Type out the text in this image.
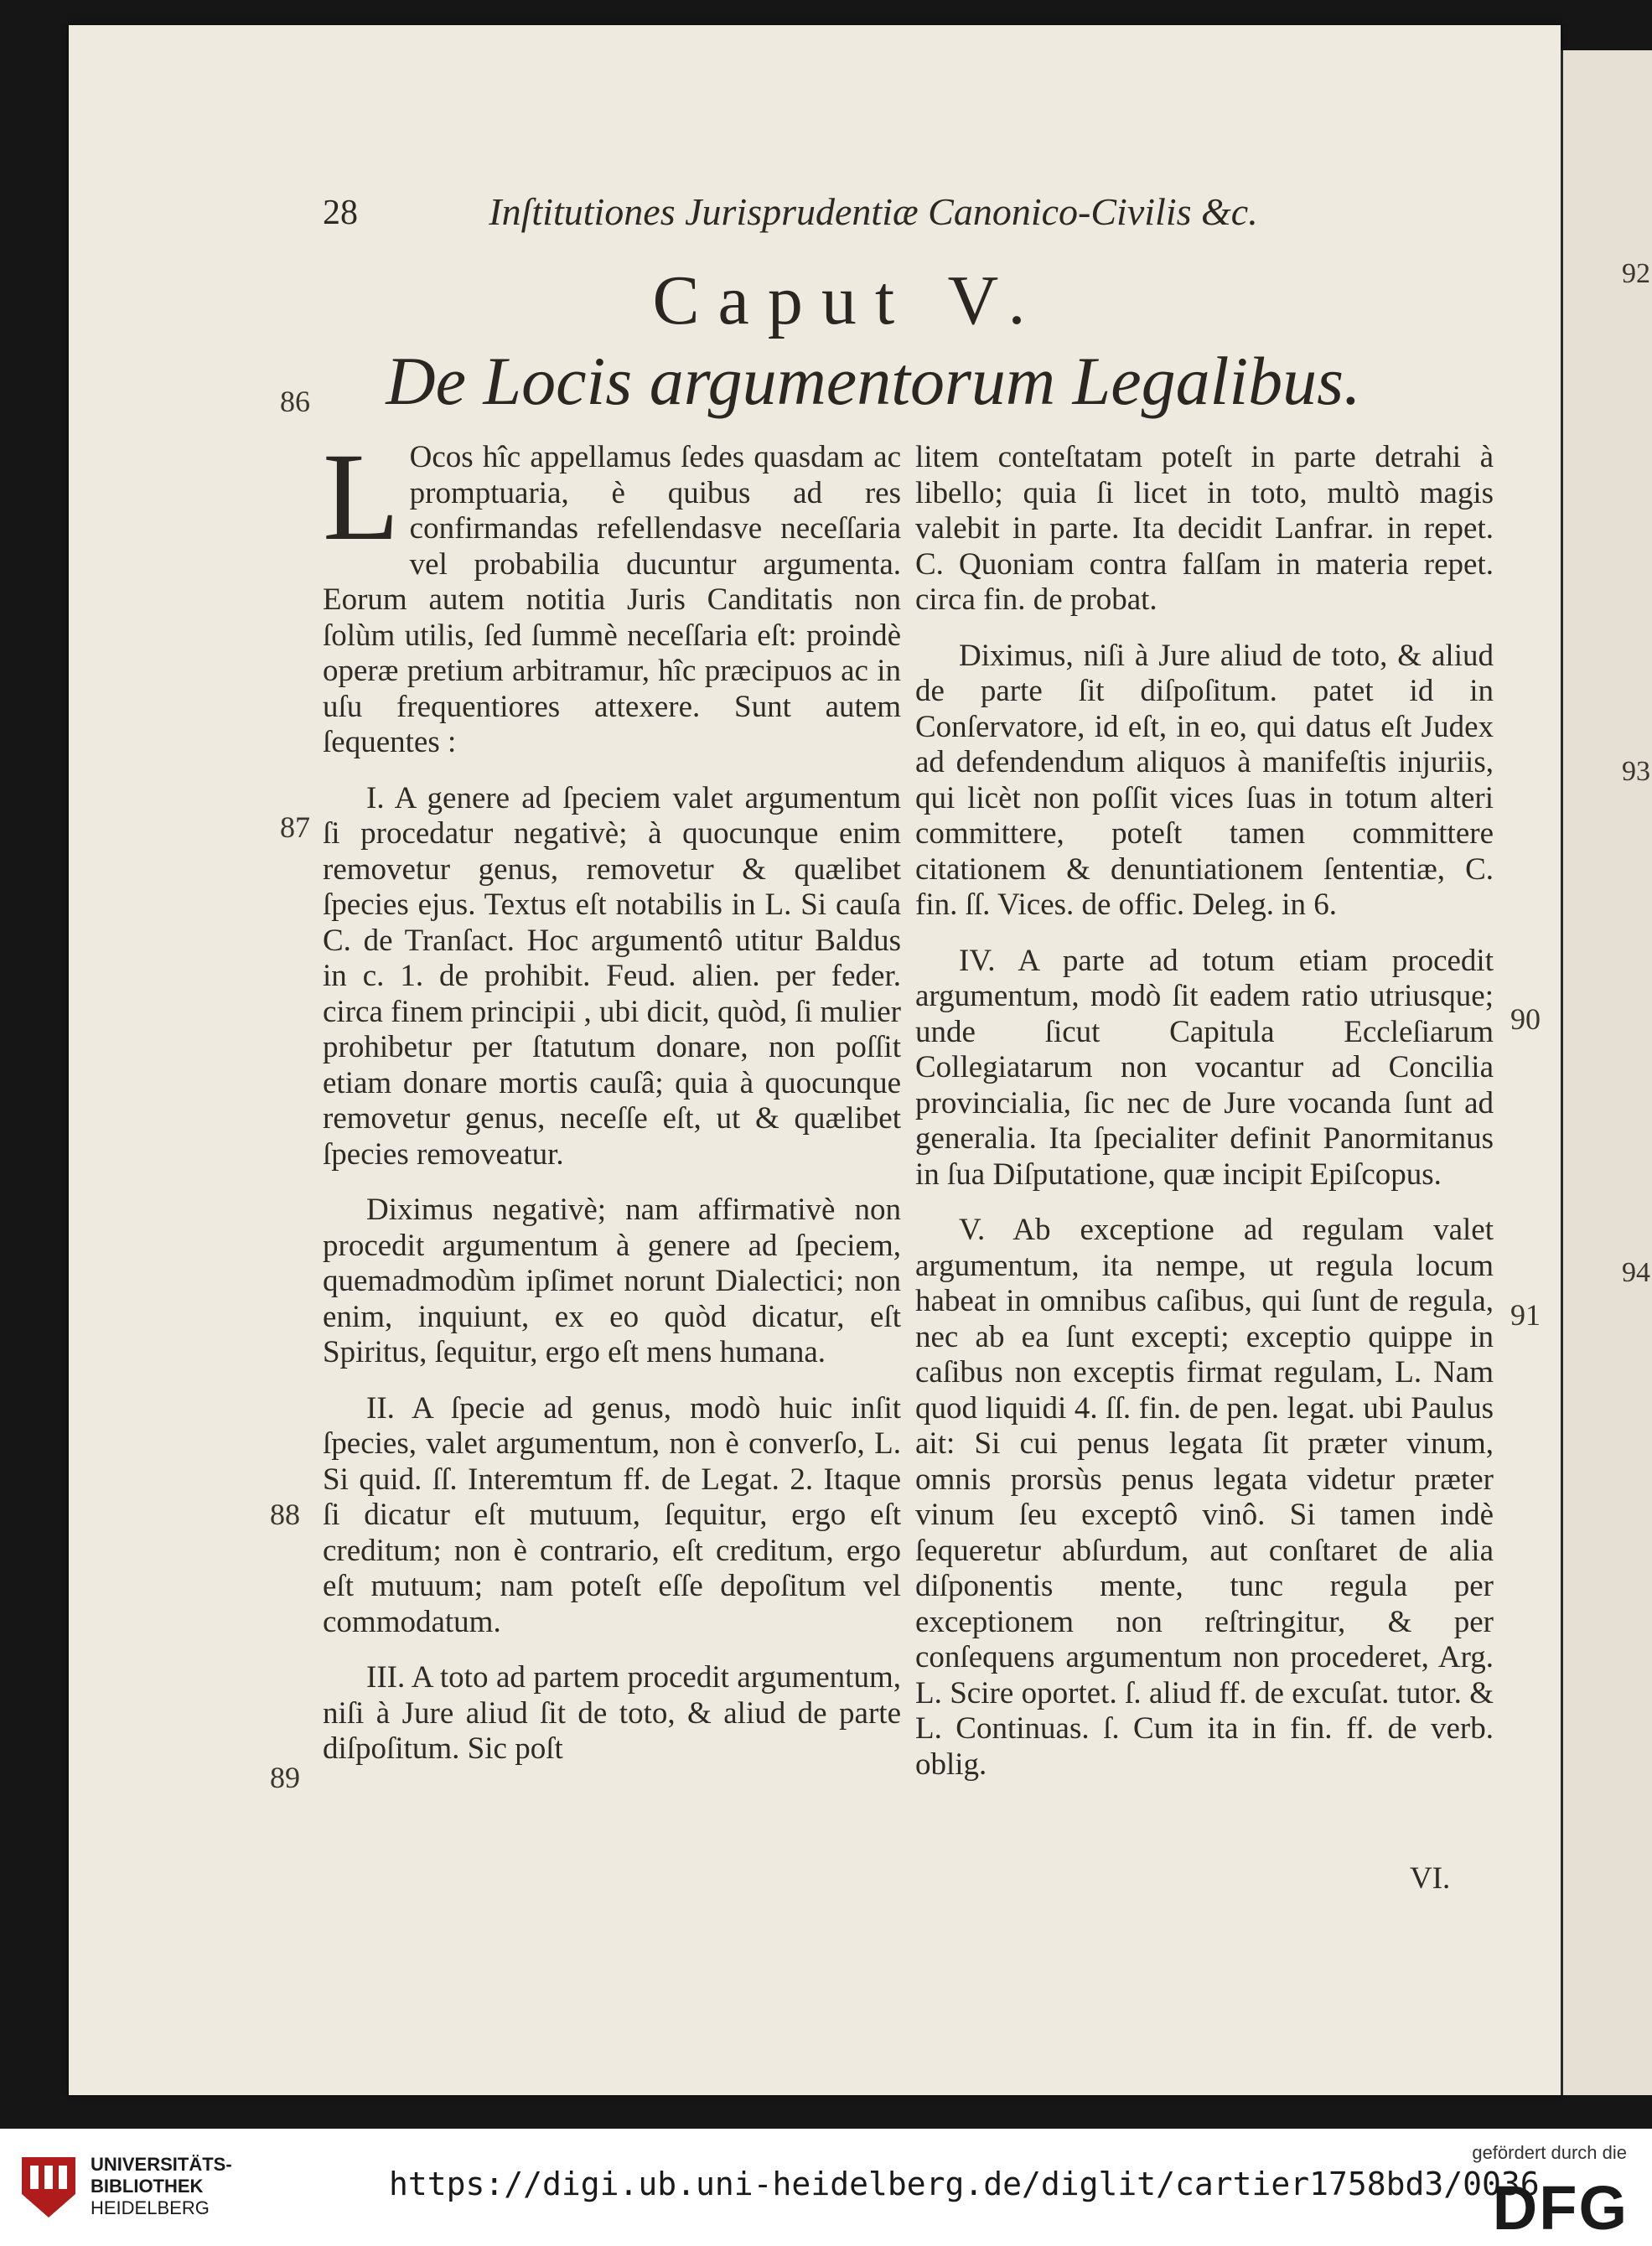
28	Inſtitutiones Jurisprudentiæ Canonico-Civilis &c.
Caput V.
De Locis argumentorum Legalibus.
86
87
88
89
90
91

L Ocos hîc appellamus ſedes quasdam ac promptuaria, è quibus ad res confirmandas refellendasve neceſſaria vel probabilia ducuntur argumenta. Eorum autem notitia Juris Canditatis non ſolùm utilis, ſed ſummè neceſſaria eſt: proindè operæ pretium arbitramur, hîc præcipuos ac in uſu frequentiores attexere. Sunt autem ſequentes :

I. A genere ad ſpeciem valet argumentum ſi procedatur negativè; à quocunque enim removetur genus, removetur & quælibet ſpecies ejus. Textus eſt notabilis in L. Si cauſa C. de Tranſact. Hoc argumentô utitur Baldus in c. 1. de prohibit. Feud. alien. per feder. circa finem principii , ubi dicit, quòd, ſi mulier prohibetur per ſtatutum donare, non poſſit etiam donare mortis cauſâ; quia à quocunque removetur genus, neceſſe eſt, ut & quælibet ſpecies removeatur.

Diximus negativè; nam affirmativè non procedit argumentum à genere ad ſpeciem, quemadmodùm ipſimet norunt Dialectici; non enim, inquiunt, ex eo quòd dicatur, eſt Spiritus, ſequitur, ergo eſt mens humana.

II. A ſpecie ad genus, modò huic inſit ſpecies, valet argumentum, non è converſo, L. Si quid. ſſ. Interemtum ff. de Legat. 2. Itaque ſi dicatur eſt mutuum, ſequitur, ergo eſt creditum; non è contrario, eſt creditum, ergo eſt mutuum; nam poteſt eſſe depoſitum vel commodatum.

III. A toto ad partem procedit argumentum, niſi à Jure aliud ſit de toto, & aliud de parte diſpoſitum. Sic poſt

litem conteſtatam poteſt in parte detrahi à libello; quia ſi licet in toto, multò magis valebit in parte. Ita decidit Lanfrar. in repet. C. Quoniam contra falſam in materia repet. circa fin. de probat.

Diximus, niſi à Jure aliud de toto, & aliud de parte ſit diſpoſitum. patet id in Conſervatore, id eſt, in eo, qui datus eſt Judex ad defendendum aliquos à manifeſtis injuriis, qui licèt non poſſit vices ſuas in totum alteri committere, poteſt tamen committere citationem & denuntiationem ſententiæ, C. fin. ſſ. Vices. de offic. Deleg. in 6.

IV. A parte ad totum etiam procedit argumentum, modò ſit eadem ratio utriusque; unde ſicut Capitula Eccleſiarum Collegiatarum non vocantur ad Concilia provincialia, ſic nec de Jure vocanda ſunt ad generalia. Ita ſpecialiter definit Panormitanus in ſua Diſputatione, quæ incipit Epiſcopus.

V. Ab exceptione ad regulam valet argumentum, ita nempe, ut regula locum habeat in omnibus caſibus, qui ſunt de regula, nec ab ea ſunt excepti; exceptio quippe in caſibus non exceptis firmat regulam, L. Nam quod liquidi 4. ſſ. fin. de pen. legat. ubi Paulus ait: Si cui penus legata ſit præter vinum, omnis prorsùs penus legata videtur præter vinum ſeu exceptô vinô. Si tamen indè ſequeretur abſurdum, aut conſtaret de alia diſponentis mente, tunc regula per exceptionem non reſtringitur, & per conſequens argumentum non procederet, Arg. L. Scire oportet. ſ. aliud ff. de excuſat. tutor. & L. Continuas. ſ. Cum ita in fin. ff. de verb. oblig.

VI.
92
93
94
UNIVERSITÄTS-
BIBLIOTHEK
HEIDELBERG
https://digi.ub.uni-heidelberg.de/diglit/cartier1758bd3/0036
gefördert durch die
DFG
